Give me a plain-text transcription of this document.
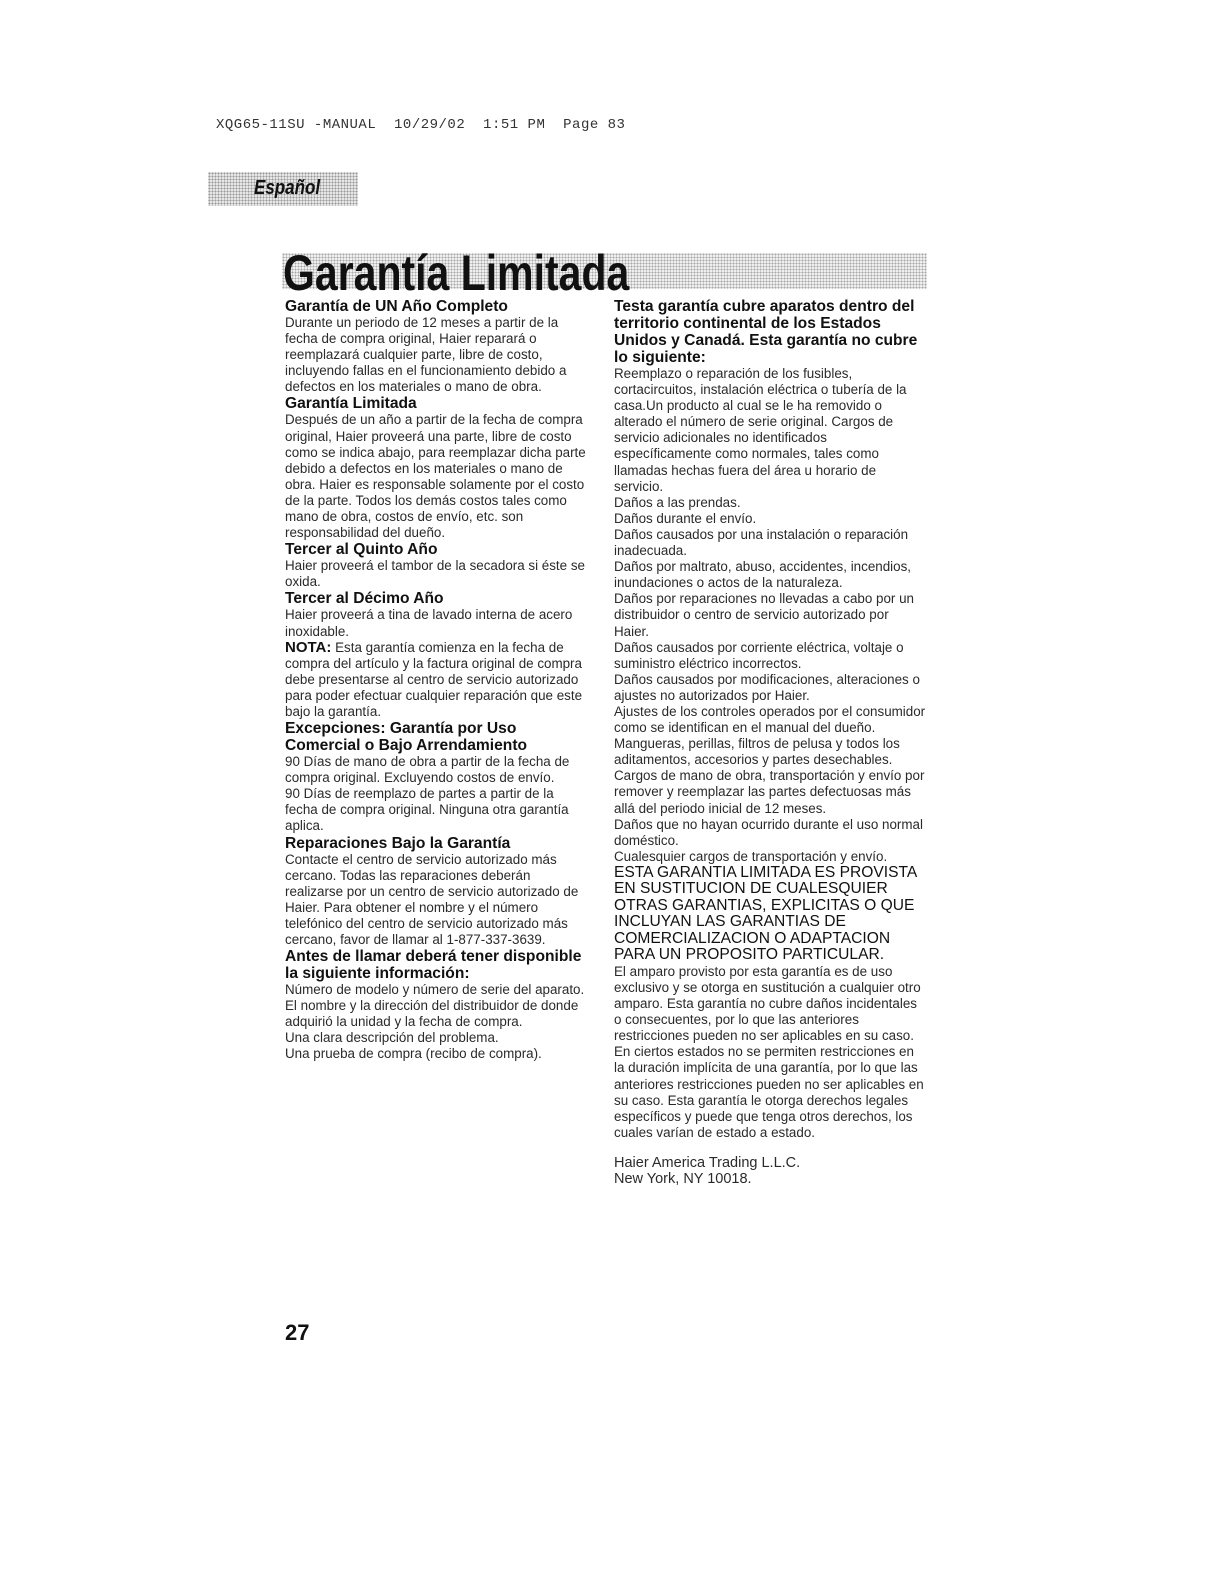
XQG65-11SU -MANUAL  10/29/02  1:51 PM  Page 83
Español
Garantía Limitada
Garantía de UN Año Completo

Durante un periodo de 12 meses a partir de la fecha de compra original, Haier reparará o reemplazará cualquier parte, libre de costo, incluyendo fallas en el funcionamiento debido a defectos en los materiales o mano de obra.

Garantía Limitada

Después de un año a partir de la fecha de compra original, Haier proveerá una parte, libre de costo como se indica abajo, para reemplazar dicha parte debido a defectos en los materiales o mano de obra. Haier es responsable solamente por el costo de la parte. Todos los demás costos tales como mano de obra, costos de envío, etc. son responsabilidad del dueño.

Tercer al Quinto Año

Haier proveerá el tambor de la secadora si éste se oxida.

Tercer al Décimo Año

Haier proveerá a tina de lavado interna de acero inoxidable.

NOTA: Esta garantía comienza en la fecha de compra del artículo y la factura original de compra debe presentarse al centro de servicio autorizado para poder efectuar cualquier reparación que este bajo la garantía.

Excepciones: Garantía por Uso Comercial o Bajo Arrendamiento

90 Días de mano de obra a partir de la fecha de compra original. Excluyendo costos de envío.

90 Días de reemplazo de partes a partir de la fecha de compra original. Ninguna otra garantía aplica.

Reparaciones Bajo la Garantía

Contacte el centro de servicio autorizado más cercano. Todas las reparaciones deberán realizarse por un centro de servicio autorizado de Haier. Para obtener el nombre y el número telefónico del centro de servicio autorizado más cercano, favor de llamar al 1-877-337-3639.

Antes de llamar deberá tener disponible la siguiente información:

Número de modelo y número de serie del aparato. El nombre y la dirección del distribuidor de donde adquirió la unidad y la fecha de compra.

Una clara descripción del problema.

Una prueba de compra (recibo de compra).

Testa garantía cubre aparatos dentro del territorio continental de los Estados Unidos y Canadá. Esta garantía no cubre lo siguiente:

Reemplazo o reparación de los fusibles, cortacircuitos, instalación eléctrica o tubería de la casa.Un producto al cual se le ha removido o alterado el número de serie original. Cargos de servicio adicionales no identificados específicamente como normales, tales como llamadas hechas fuera del área u horario de servicio.

Daños a las prendas.

Daños durante el envío.

Daños causados por una instalación o reparación inadecuada.

Daños por maltrato, abuso, accidentes, incendios, inundaciones o actos de la naturaleza.

Daños por reparaciones no llevadas a cabo por un distribuidor o centro de servicio autorizado por Haier.

Daños causados por corriente eléctrica, voltaje o suministro eléctrico incorrectos.

Daños causados por modificaciones, alteraciones o ajustes no autorizados por Haier.

Ajustes de los controles operados por el consumidor como se identifican en el manual del dueño.

Mangueras, perillas, filtros de pelusa y todos los aditamentos, accesorios y partes desechables.

Cargos de mano de obra, transportación y envío por remover y reemplazar las partes defectuosas más allá del periodo inicial de 12 meses.

Daños que no hayan ocurrido durante el uso normal doméstico.

Cualesquier cargos de transportación y envío.

ESTA GARANTIA LIMITADA ES PROVISTA EN SUSTITUCION DE CUALESQUIER OTRAS GARANTIAS, EXPLICITAS O QUE INCLUYAN LAS GARANTIAS DE COMERCIALIZACION O ADAPTACION PARA UN PROPOSITO PARTICULAR.

El amparo provisto por esta garantía es de uso exclusivo y se otorga en sustitución a cualquier otro amparo. Esta garantía no cubre daños incidentales o consecuentes, por lo que las anteriores restricciones pueden no ser aplicables en su caso. En ciertos estados no se permiten restricciones en la duración implícita de una garantía, por lo que las anteriores restricciones pueden no ser aplicables en su caso. Esta garantía le otorga derechos legales específicos y puede que tenga otros derechos, los cuales varían de estado a estado.

Haier America Trading L.L.C.

New York, NY 10018.

27
